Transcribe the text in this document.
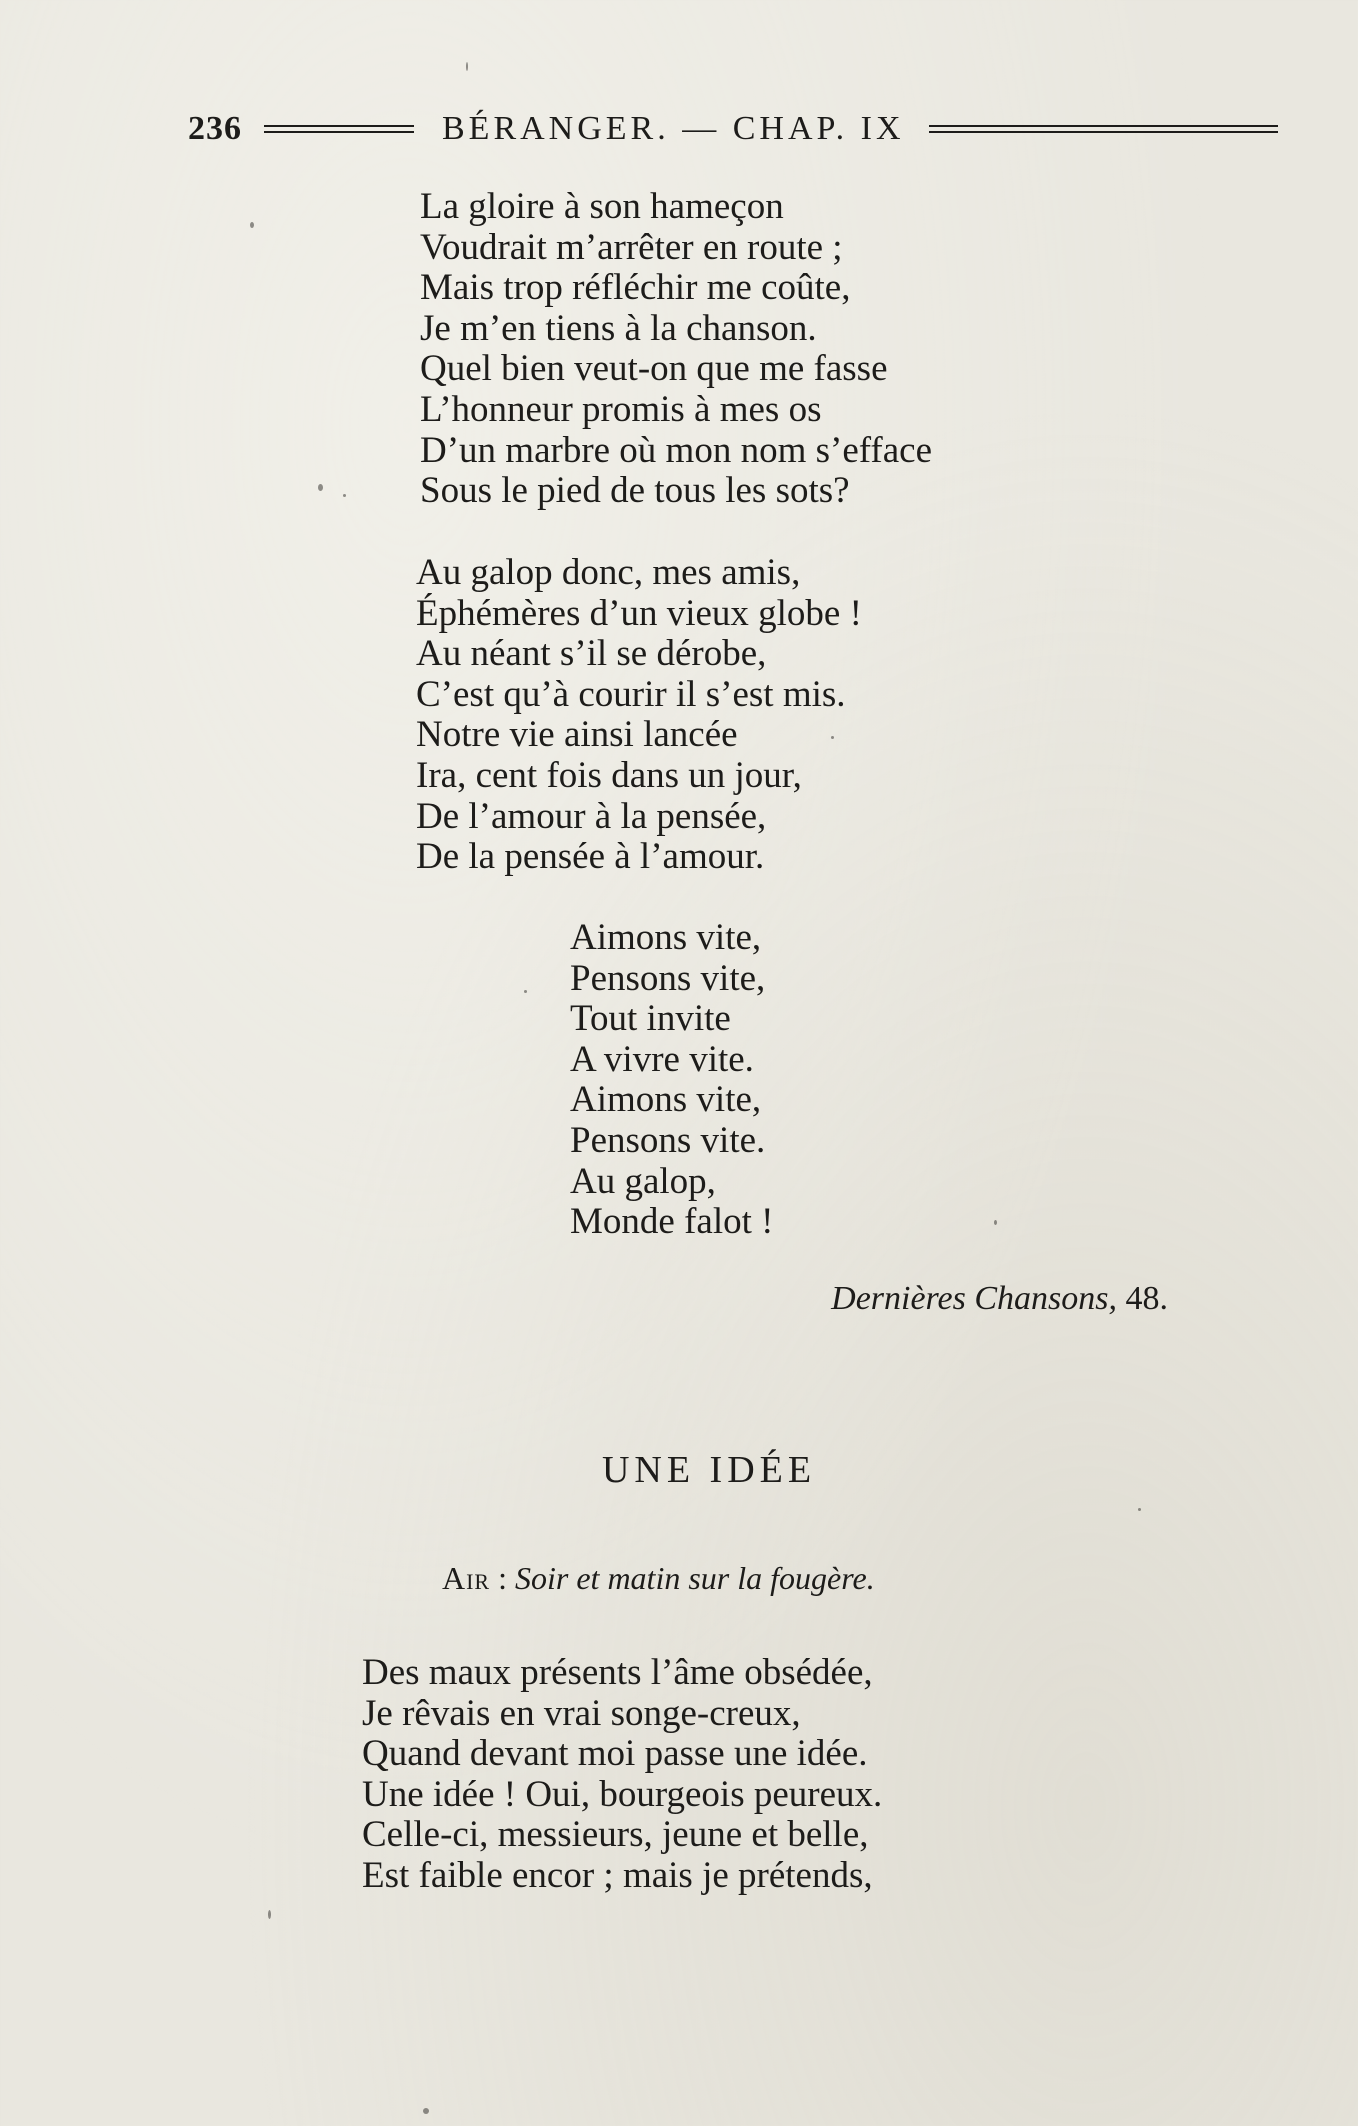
236	BÉRANGER. — CHAP. IX
La gloire à son hameçon
Voudrait m’arrêter en route ;
Mais trop réfléchir me coûte,
Je m’en tiens à la chanson.
Quel bien veut-on que me fasse
L’honneur promis à mes os
D’un marbre où mon nom s’efface
Sous le pied de tous les sots?
Au galop donc, mes amis,
Éphémères d’un vieux globe !
Au néant s’il se dérobe,
C’est qu’à courir il s’est mis.
Notre vie ainsi lancée
Ira, cent fois dans un jour,
De l’amour à la pensée,
De la pensée à l’amour.
Aimons vite,
Pensons vite,
Tout invite
A vivre vite.
Aimons vite,
Pensons vite.
Au galop,
Monde falot !
Dernières Chansons, 48.
UNE IDÉE
Air : Soir et matin sur la fougère.
Des maux présents l’âme obsédée,
Je rêvais en vrai songe-creux,
Quand devant moi passe une idée.
Une idée ! Oui, bourgeois peureux.
Celle-ci, messieurs, jeune et belle,
Est faible encor ; mais je prétends,
